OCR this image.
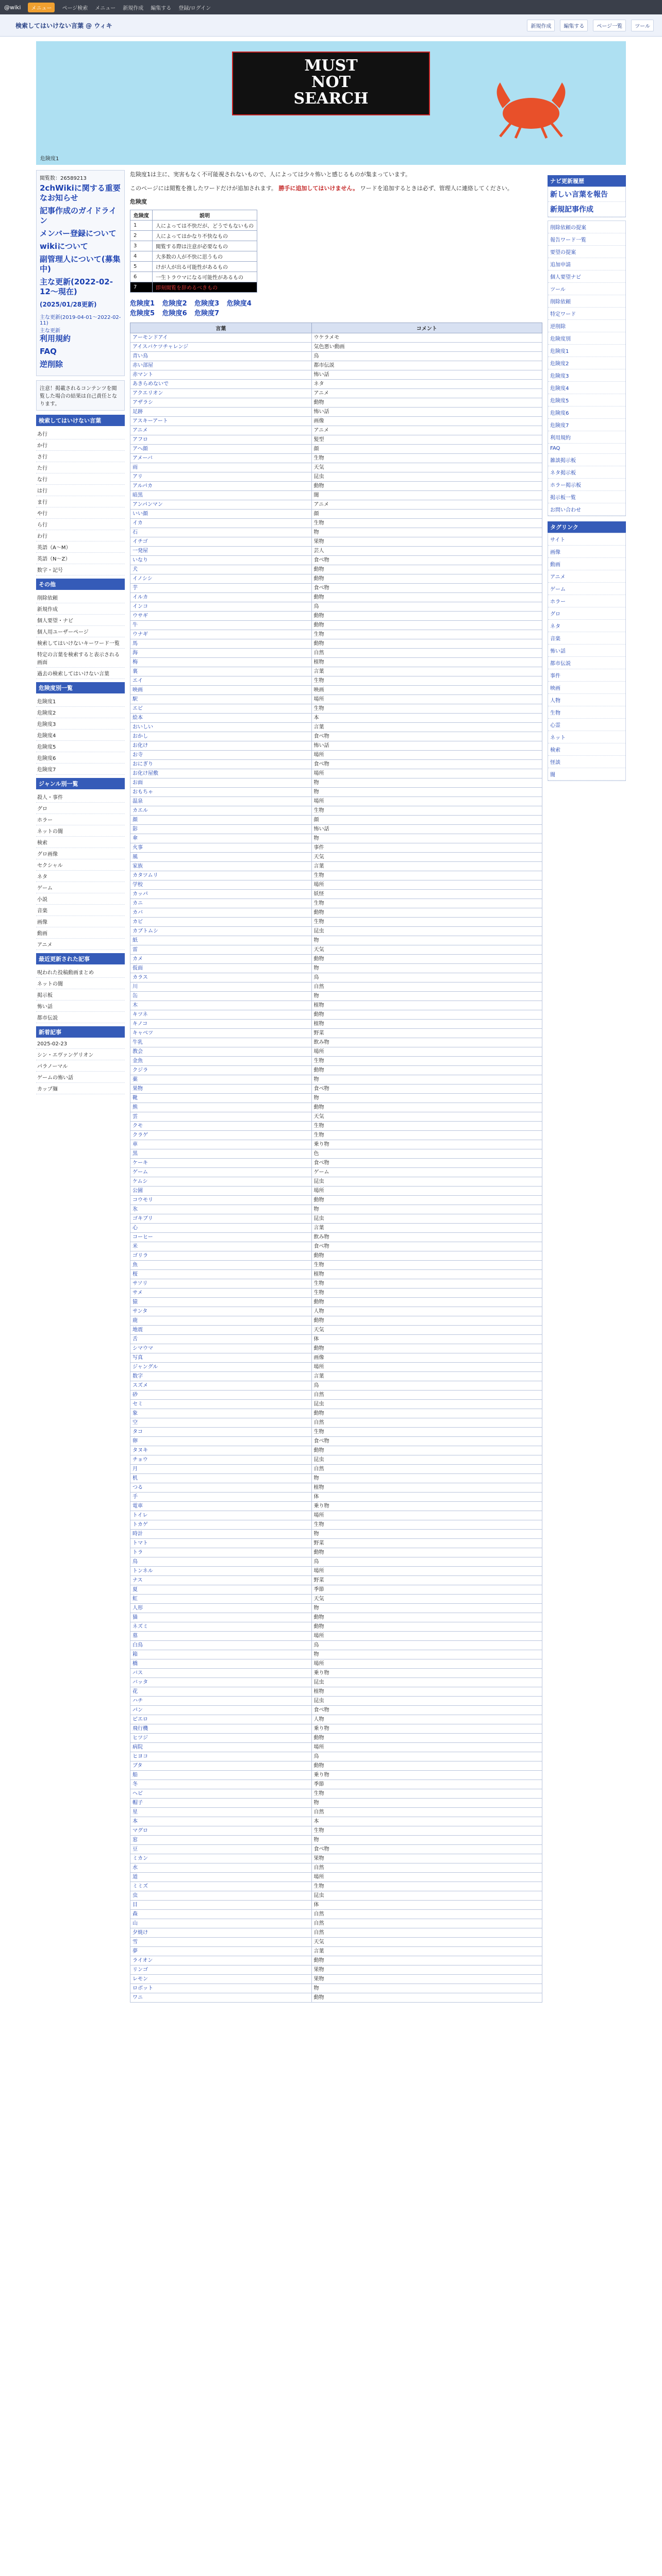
@wiki	メニュー	ページ検索 メニュー 新規作成 編集する 登録/ログイン
検索してはいけない言葉 @ ウィキ	新規作成	編集する	ページ一覧	ツール
MUST
NOT
SEARCH
危険度1
閲覧数：26589213
2chWikiに関する重要なお知らせ
記事作成のガイドライン
メンバー登録について
wikiについて
副管理人について(募集中)
主な更新(2022-02-12～現在)
(2025/01/28更新)
主な更新(2019-04-01～2022-02-11)
主な更新
利用規約
FAQ
逆削除
注意！掲載されるコンテンツを閲覧した場合の結果は自己責任となります。
検索してはいけない言葉
あ行
か行
さ行
た行
な行
は行
ま行
や行
ら行
わ行
英語（A～M）
英語（N～Z）
数字・記号
その他
削除依頼
新規作成
個人要望・ナビ
個人用ユーザーページ
検索してはいけないキーワード一覧
特定の言葉を検索すると表示される画面
過去の検索してはいけない言葉
危険度別一覧
危険度1
危険度2
危険度3
危険度4
危険度5
危険度6
危険度7
ジャンル別一覧
殺人・事件
グロ
ホラー
ネットの闇
検索
グロ画像
セクシャル
ネタ
ゲーム
小説
音楽
画像
動画
アニメ
最近更新された記事
呪われた投稿動画まとめ
ネットの闇
掲示板
怖い話
都市伝説
新着記事
2025-02-23
シン・エヴァンゲリオン
パラノーマル
ゲームの怖い話
カップ麺

危険度1は主に、実害もなく不可能視されないもので、人によっては少々怖いと感じるものが集まっています。

このページには閲覧を推したワードだけが追加されます。 勝手に追加してはいけません。 ワードを追加するときは必ず、管理人に連絡してください。

危険度
危険度	説明
1	人によっては不快だが、どうでもないもの
2	人によってはかなり不快なもの
3	閲覧する際は注意が必要なもの
4	大多数の人が不快に思うもの
5	けが人が出る可能性があるもの
6	一生トラウマになる可能性があるもの
7	即刻閲覧を辞めるべきもの
危険度1 危険度2 危険度3 危険度4
危険度5 危険度6 危険度7
言葉	コメント
アーモンドアイ	ウケラメモ
アイスバケツチャレンジ	気色悪い動画
青い鳥	鳥
赤い部屋	都市伝説
赤マント	怖い話
あきらめないで	ネタ
アクエリオン	アニメ
アザラシ	動物
足跡	怖い話
アスキーアート	画像
アニメ	アニメ
アフロ	髪型
アヘ顔	顔
アメーバ	生物
雨	天気
アリ	昆虫
アルパカ	動物
暗黒	闇
アンパンマン	アニメ
いい顔	顔
イカ	生物
石	物
イチゴ	果物
一発屋	芸人
いなり	食べ物
犬	動物
イノシシ	動物
芋	食べ物
イルカ	動物
インコ	鳥
ウサギ	動物
牛	動物
ウナギ	生物
馬	動物
海	自然
梅	植物
裏	言葉
エイ	生物
映画	映画
駅	場所
エビ	生物
絵本	本
おいしい	言葉
おかし	食べ物
お化け	怖い話
お寺	場所
おにぎり	食べ物
お化け屋敷	場所
お面	物
おもちゃ	物
温泉	場所
カエル	生物
顔	顔
影	怖い話
傘	物
火事	事件
風	天気
家族	言葉
カタツムリ	生物
学校	場所
カッパ	妖怪
カニ	生物
カバ	動物
カビ	生物
カブトムシ	昆虫
紙	物
雷	天気
カメ	動物
仮面	物
カラス	鳥
川	自然
缶	物
木	植物
キツネ	動物
キノコ	植物
キャベツ	野菜
牛乳	飲み物
教会	場所
金魚	生物
クジラ	動物
薬	物
果物	食べ物
靴	物
熊	動物
雲	天気
クモ	生物
クラゲ	生物
車	乗り物
黒	色
ケーキ	食べ物
ゲーム	ゲーム
ケムシ	昆虫
公園	場所
コウモリ	動物
氷	物
ゴキブリ	昆虫
心	言葉
コーヒー	飲み物
米	食べ物
ゴリラ	動物
魚	生物
桜	植物
サソリ	生物
サメ	生物
猿	動物
サンタ	人物
鹿	動物
地震	天気
舌	体
シマウマ	動物
写真	画像
ジャングル	場所
数字	言葉
スズメ	鳥
砂	自然
セミ	昆虫
象	動物
空	自然
タコ	生物
卵	食べ物
タヌキ	動物
チョウ	昆虫
月	自然
机	物
つる	植物
手	体
電車	乗り物
トイレ	場所
トカゲ	生物
時計	物
トマト	野菜
トラ	動物
鳥	鳥
トンネル	場所
ナス	野菜
夏	季節
虹	天気
人形	物
猫	動物
ネズミ	動物
墓	場所
白鳥	鳥
箱	物
橋	場所
バス	乗り物
バッタ	昆虫
花	植物
ハチ	昆虫
パン	食べ物
ピエロ	人物
飛行機	乗り物
ヒツジ	動物
病院	場所
ヒヨコ	鳥
ブタ	動物
船	乗り物
冬	季節
ヘビ	生物
帽子	物
星	自然
本	本
マグロ	生物
窓	物
豆	食べ物
ミカン	果物
水	自然
道	場所
ミミズ	生物
虫	昆虫
目	体
森	自然
山	自然
夕焼け	自然
雪	天気
夢	言葉
ライオン	動物
リンゴ	果物
レモン	果物
ロボット	物
ワニ	動物
ナビ更新履歴
新しい言葉を報告
新規記事作成
削除依頼の提案
報告ワード一覧
要望の提案
追加申請
個人要望ナビ
ツール
削除依頼
特定ワード
逆削除
危険度別
危険度1
危険度2
危険度3
危険度4
危険度5
危険度6
危険度7
利用規約
FAQ
雑談掲示板
ネタ掲示板
ホラー掲示板
掲示板一覧
お問い合わせ
タグリンク
サイト
画像
動画
アニメ
ゲーム
ホラー
グロ
ネタ
音楽
怖い話
都市伝説
事件
映画
人物
生物
心霊
ネット
検索
怪談
闇
